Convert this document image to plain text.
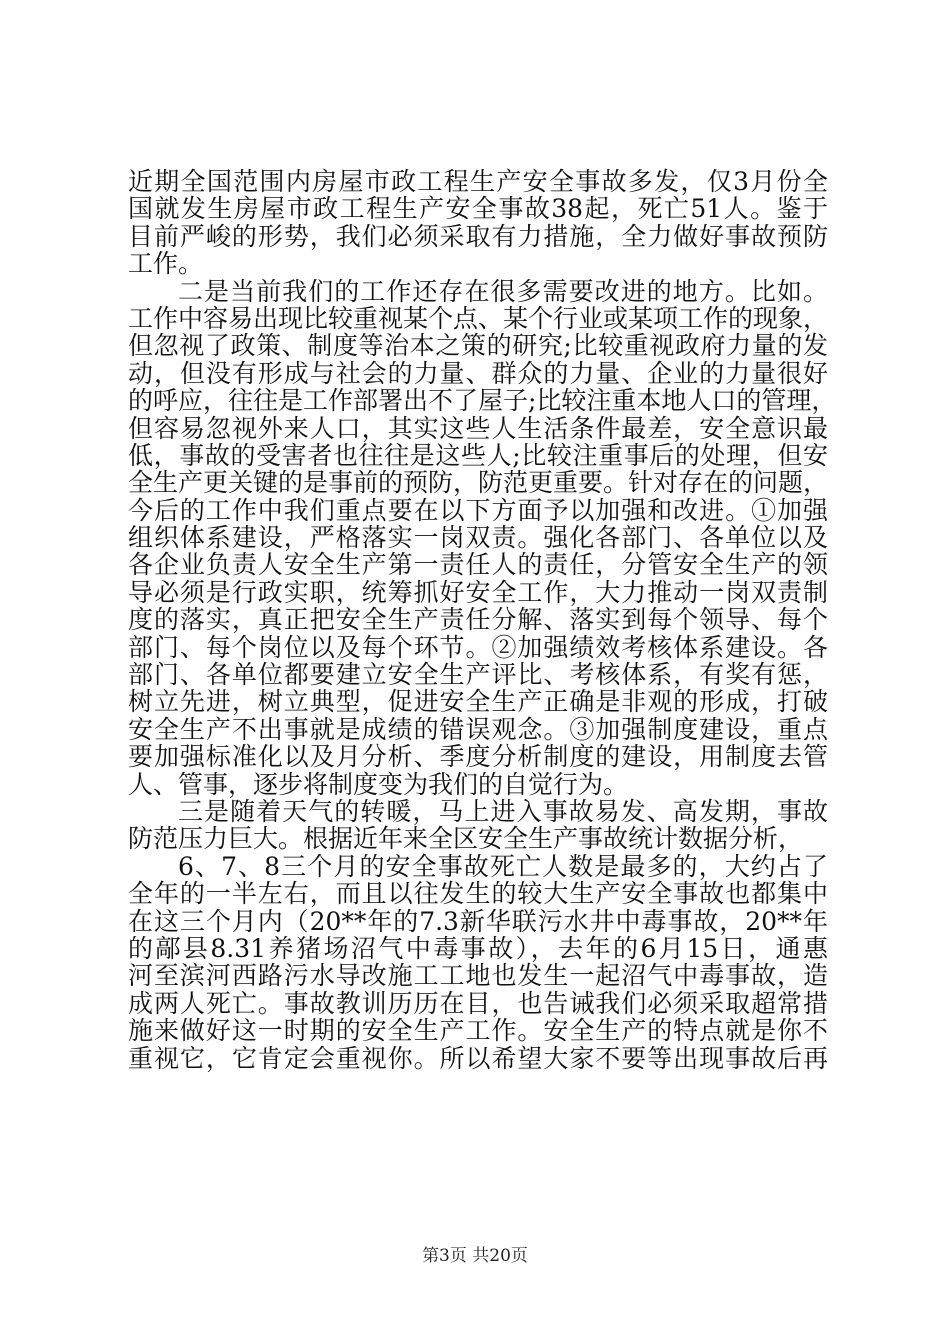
近期全国范围内房屋市政工程生产安全事故多发，仅3月份全
国就发生房屋市政工程生产安全事故38起，死亡51人。鉴于
目前严峻的形势，我们必须采取有力措施，全力做好事故预防
工作。
二是当前我们的工作还存在很多需要改进的地方。比如。
工作中容易出现比较重视某个点、某个行业或某项工作的现象，
但忽视了政策、制度等治本之策的研究;比较重视政府力量的发
动，但没有形成与社会的力量、群众的力量、企业的力量很好
的呼应，往往是工作部署出不了屋子;比较注重本地人口的管理，
但容易忽视外来人口，其实这些人生活条件最差，安全意识最
低，事故的受害者也往往是这些人;比较注重事后的处理，但安
全生产更关键的是事前的预防，防范更重要。针对存在的问题，
今后的工作中我们重点要在以下方面予以加强和改进。①加强
组织体系建设，严格落实一岗双责。强化各部门、各单位以及
各企业负责人安全生产第一责任人的责任，分管安全生产的领
导必须是行政实职，统筹抓好安全工作，大力推动一岗双责制
度的落实，真正把安全生产责任分解、落实到每个领导、每个
部门、每个岗位以及每个环节。②加强绩效考核体系建设。各
部门、各单位都要建立安全生产评比、考核体系，有奖有惩，
树立先进，树立典型，促进安全生产正确是非观的形成，打破
安全生产不出事就是成绩的错误观念。③加强制度建设，重点
要加强标准化以及月分析、季度分析制度的建设，用制度去管
人、管事，逐步将制度变为我们的自觉行为。
三是随着天气的转暖，马上进入事故易发、高发期，事故
防范压力巨大。根据近年来全区安全生产事故统计数据分析，
6、7、8三个月的安全事故死亡人数是最多的，大约占了
全年的一半左右，而且以往发生的较大生产安全事故也都集中
在这三个月内（20**年的7.3新华联污水井中毒事故，20**年
的鄗县8.31养猪场沼气中毒事故），去年的6月15日，通惠
河至滨河西路污水导改施工工地也发生一起沼气中毒事故，造
成两人死亡。事故教训历历在目，也告诫我们必须采取超常措
施来做好这一时期的安全生产工作。安全生产的特点就是你不
重视它，它肯定会重视你。所以希望大家不要等出现事故后再
第3页 共20页
